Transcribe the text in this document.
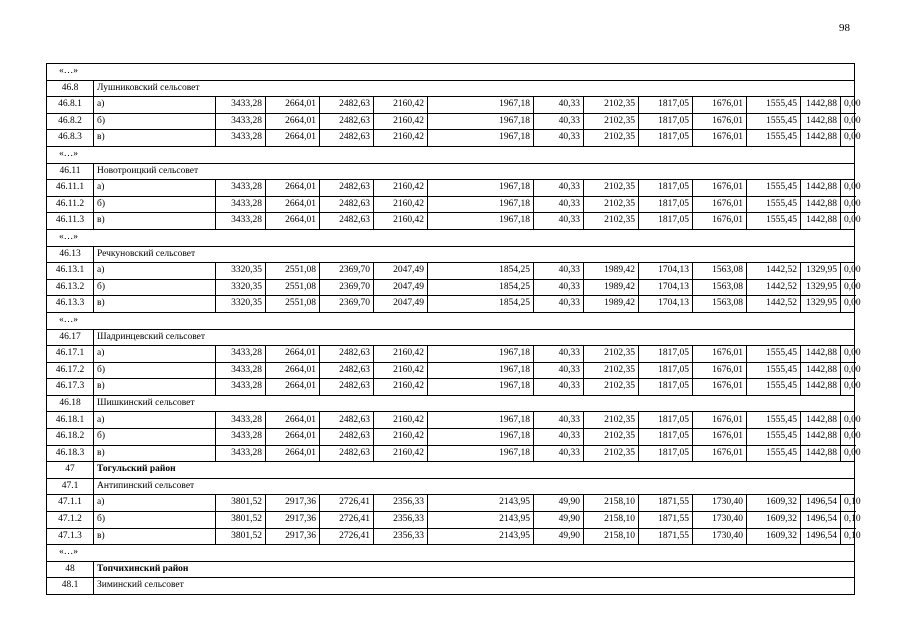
98
«…»													
46.8	Лушниковский сельсовет												
46.8.1	а)	3433,28	2664,01	2482,63	2160,42	1967,18	40,33	2102,35	1817,05	1676,01	1555,45	1442,88	0,00
46.8.2	б)	3433,28	2664,01	2482,63	2160,42	1967,18	40,33	2102,35	1817,05	1676,01	1555,45	1442,88	0,00
46.8.3	в)	3433,28	2664,01	2482,63	2160,42	1967,18	40,33	2102,35	1817,05	1676,01	1555,45	1442,88	0,00
«…»													
46.11	Новотроицкий сельсовет												
46.11.1	а)	3433,28	2664,01	2482,63	2160,42	1967,18	40,33	2102,35	1817,05	1676,01	1555,45	1442,88	0,00
46.11.2	б)	3433,28	2664,01	2482,63	2160,42	1967,18	40,33	2102,35	1817,05	1676,01	1555,45	1442,88	0,00
46.11.3	в)	3433,28	2664,01	2482,63	2160,42	1967,18	40,33	2102,35	1817,05	1676,01	1555,45	1442,88	0,00
«…»													
46.13	Речкуновский сельсовет												
46.13.1	а)	3320,35	2551,08	2369,70	2047,49	1854,25	40,33	1989,42	1704,13	1563,08	1442,52	1329,95	0,00
46.13.2	б)	3320,35	2551,08	2369,70	2047,49	1854,25	40,33	1989,42	1704,13	1563,08	1442,52	1329,95	0,00
46.13.3	в)	3320,35	2551,08	2369,70	2047,49	1854,25	40,33	1989,42	1704,13	1563,08	1442,52	1329,95	0,00
«…»													
46.17	Шадринцевский сельсовет												
46.17.1	а)	3433,28	2664,01	2482,63	2160,42	1967,18	40,33	2102,35	1817,05	1676,01	1555,45	1442,88	0,00
46.17.2	б)	3433,28	2664,01	2482,63	2160,42	1967,18	40,33	2102,35	1817,05	1676,01	1555,45	1442,88	0,00
46.17.3	в)	3433,28	2664,01	2482,63	2160,42	1967,18	40,33	2102,35	1817,05	1676,01	1555,45	1442,88	0,00
46.18	Шишкинский сельсовет												
46.18.1	а)	3433,28	2664,01	2482,63	2160,42	1967,18	40,33	2102,35	1817,05	1676,01	1555,45	1442,88	0,00
46.18.2	б)	3433,28	2664,01	2482,63	2160,42	1967,18	40,33	2102,35	1817,05	1676,01	1555,45	1442,88	0,00
46.18.3	в)	3433,28	2664,01	2482,63	2160,42	1967,18	40,33	2102,35	1817,05	1676,01	1555,45	1442,88	0,00
47	Тогульский район												
47.1	Антипинский сельсовет												
47.1.1	а)	3801,52	2917,36	2726,41	2356,33	2143,95	49,90	2158,10	1871,55	1730,40	1609,32	1496,54	0,10
47.1.2	б)	3801,52	2917,36	2726,41	2356,33	2143,95	49,90	2158,10	1871,55	1730,40	1609,32	1496,54	0,10
47.1.3	в)	3801,52	2917,36	2726,41	2356,33	2143,95	49,90	2158,10	1871,55	1730,40	1609,32	1496,54	0,10
«…»													
48	Топчихинский район												
48.1	Зиминский сельсовет												
